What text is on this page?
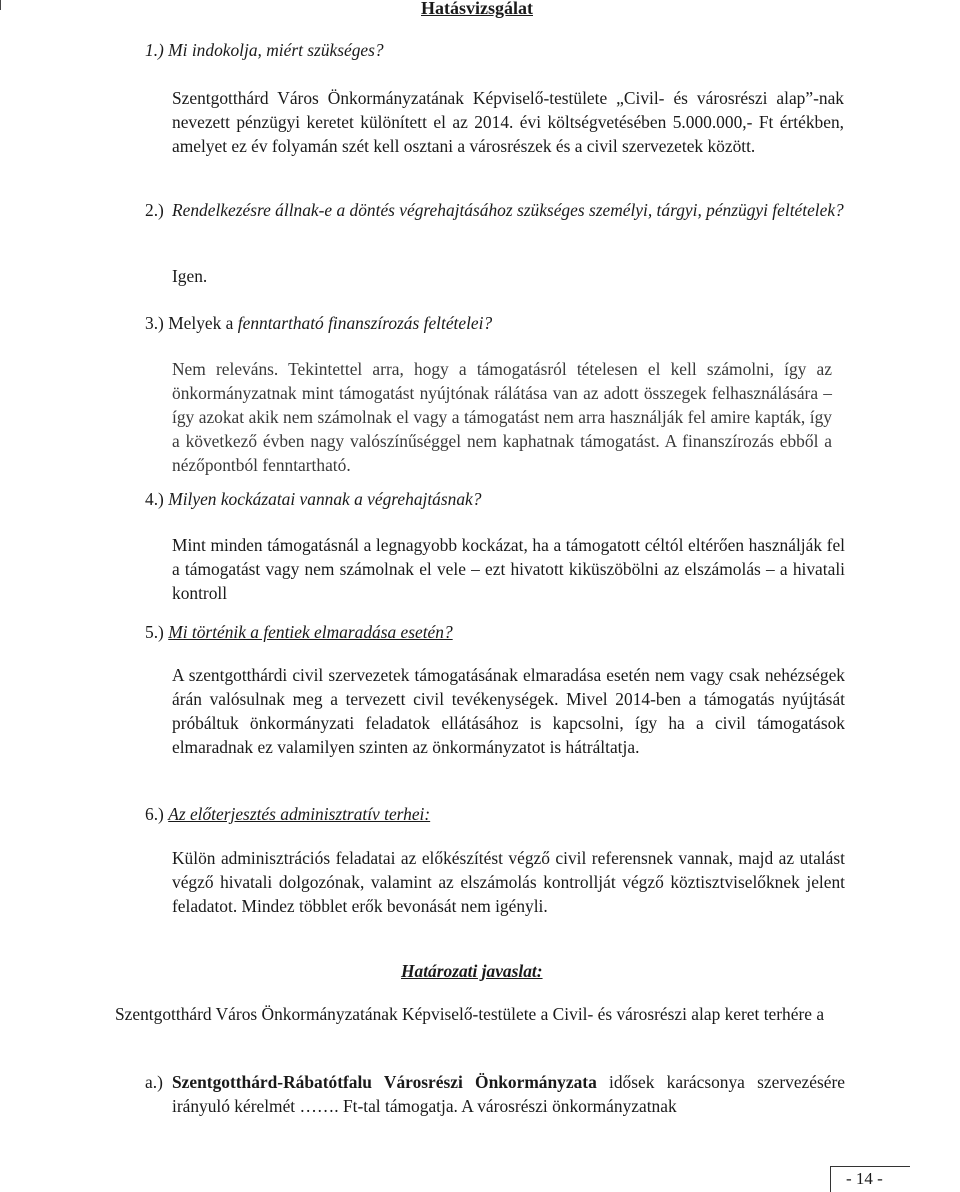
Hatásvizsgálat
1.) Mi indokolja, miért szükséges?
Szentgotthárd Város Önkormányzatának Képviselő-testülete „Civil- és városrészi alap”-nak nevezett pénzügyi keretet különített el az 2014. évi költségvetésében 5.000.000,- Ft értékben, amelyet ez év folyamán szét kell osztani a városrészek és a civil szervezetek között.
2.) Rendelkezésre állnak-e a döntés végrehajtásához szükséges személyi, tárgyi, pénzügyi feltételek?
Igen.
3.) Melyek a fenntartható finanszírozás feltételei?
Nem releváns. Tekintettel arra, hogy a támogatásról tételesen el kell számolni, így az önkormányzatnak mint támogatást nyújtónak rálátása van az adott összegek felhasználására – így azokat akik nem számolnak el vagy a támogatást nem arra használják fel amire kapták, így a következő évben nagy valószínűséggel nem kaphatnak támogatást. A finanszírozás ebből a nézőpontból fenntartható.
4.) Milyen kockázatai vannak a végrehajtásnak?
Mint minden támogatásnál a legnagyobb kockázat, ha a támogatott céltól eltérően használják fel a támogatást vagy nem számolnak el vele – ezt hivatott kiküszöbölni az elszámolás – a hivatali kontroll
5.) Mi történik a fentiek elmaradása esetén?
A szentgotthárdi civil szervezetek támogatásának elmaradása esetén nem vagy csak nehézségek árán valósulnak meg a tervezett civil tevékenységek. Mivel 2014-ben a támogatás nyújtását próbáltuk önkormányzati feladatok ellátásához is kapcsolni, így ha a civil támogatások elmaradnak ez valamilyen szinten az önkormányzatot is hátráltatja.
6.) Az előterjesztés adminisztratív terhei:
Külön adminisztrációs feladatai az előkészítést végző civil referensnek vannak, majd az utalást végző hivatali dolgozónak, valamint az elszámolás kontrollját végző köztisztviselőknek jelent feladatot. Mindez többlet erők bevonását nem igényli.
Határozati javaslat:
Szentgotthárd Város Önkormányzatának Képviselő-testülete a Civil- és városrészi alap keret terhére a
a.) Szentgotthárd-Rábatótfalu Városrészi Önkormányzata idősek karácsonya szervezésére irányuló kérelmét ……. Ft-tal támogatja. A városrészi önkormányzatnak
- 14 -
